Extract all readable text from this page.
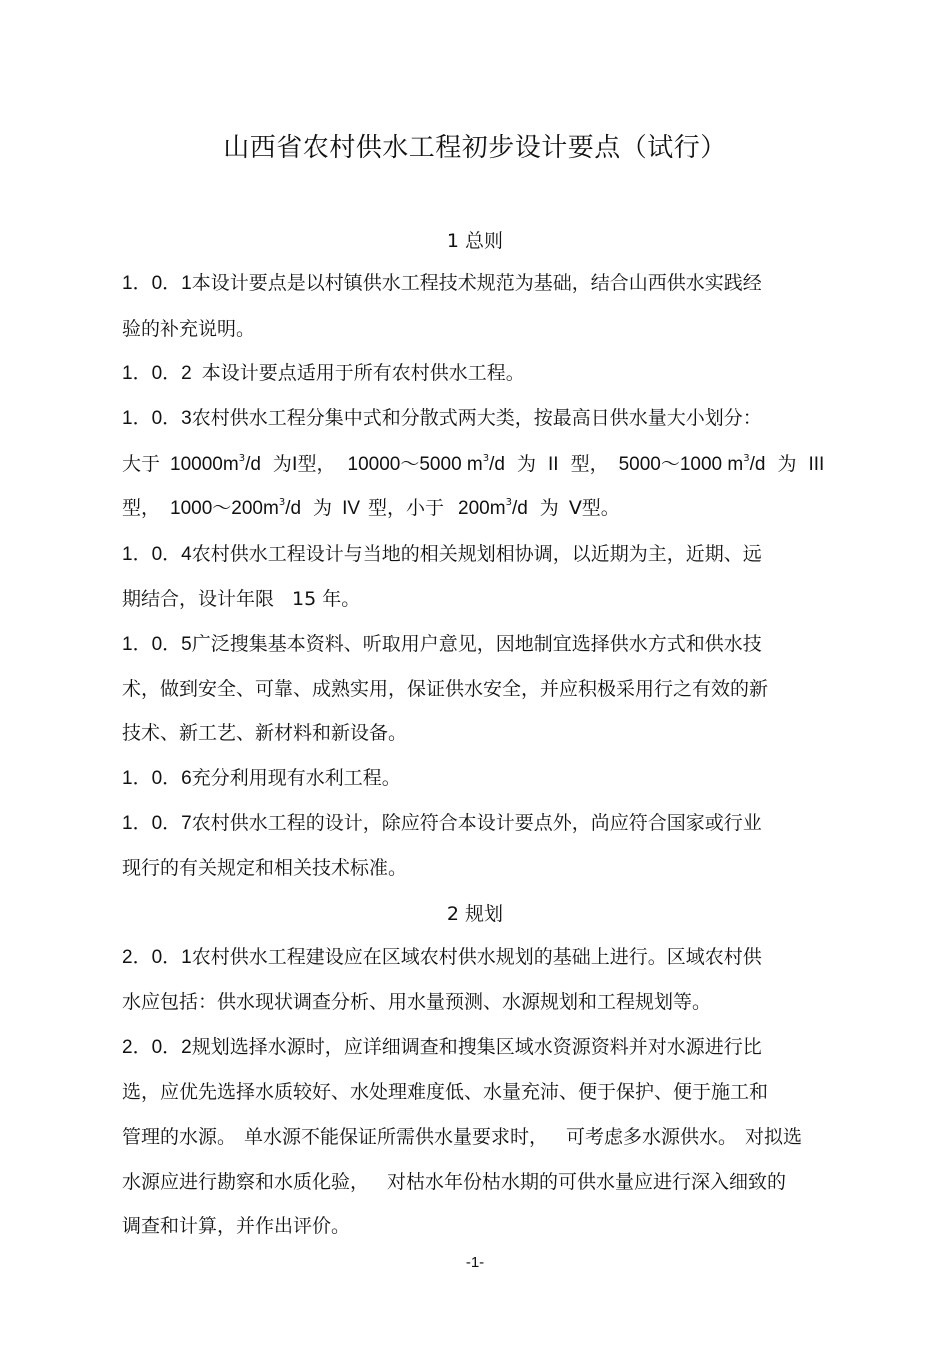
山西省农村供水工程初步设计要点（试行）
1 总则
1．0．1本设计要点是以村镇供水工程技术规范为基础，结合山西供水实践经
验的补充说明。
1．0．2 本设计要点适用于所有农村供水工程。
1．0．3农村供水工程分集中式和分散式两大类，按最高日供水量大小划分：
大于 $10000m^3/d$ 为Ⅰ型， 10000～5000 $m^3/d$ 为 II 型， 5000～1000 $m^3/d$ 为 III
型， $1000\sim 200m^3/d$ 为 IV 型，小于 $200m^3/d$ 为 V型。
1．0．4农村供水工程设计与当地的相关规划相协调，以近期为主，近期、远
期结合，设计年限 15 年。
1．0．5广泛搜集基本资料、听取用户意见，因地制宜选择供水方式和供水技
术，做到安全、可靠、成熟实用，保证供水安全，并应积极采用行之有效的新
技术、新工艺、新材料和新设备。
1．0．6充分利用现有水利工程。
1．0．7农村供水工程的设计，除应符合本设计要点外，尚应符合国家或行业
现行的有关规定和相关技术标准。
2 规划
2．0．1农村供水工程建设应在区域农村供水规划的基础上进行。区域农村供
水应包括：供水现状调查分析、用水量预测、水源规划和工程规划等。
2．0．2规划选择水源时，应详细调查和搜集区域水资源资料并对水源进行比
选，应优先选择水质较好、水处理难度低、水量充沛、便于保护、便于施工和
管理的水源。 单水源不能保证所需供水量要求时， 可考虑多水源供水。 对拟选
水源应进行勘察和水质化验， 对枯水年份枯水期的可供水量应进行深入细致的
调查和计算，并作出评价。
-1-
